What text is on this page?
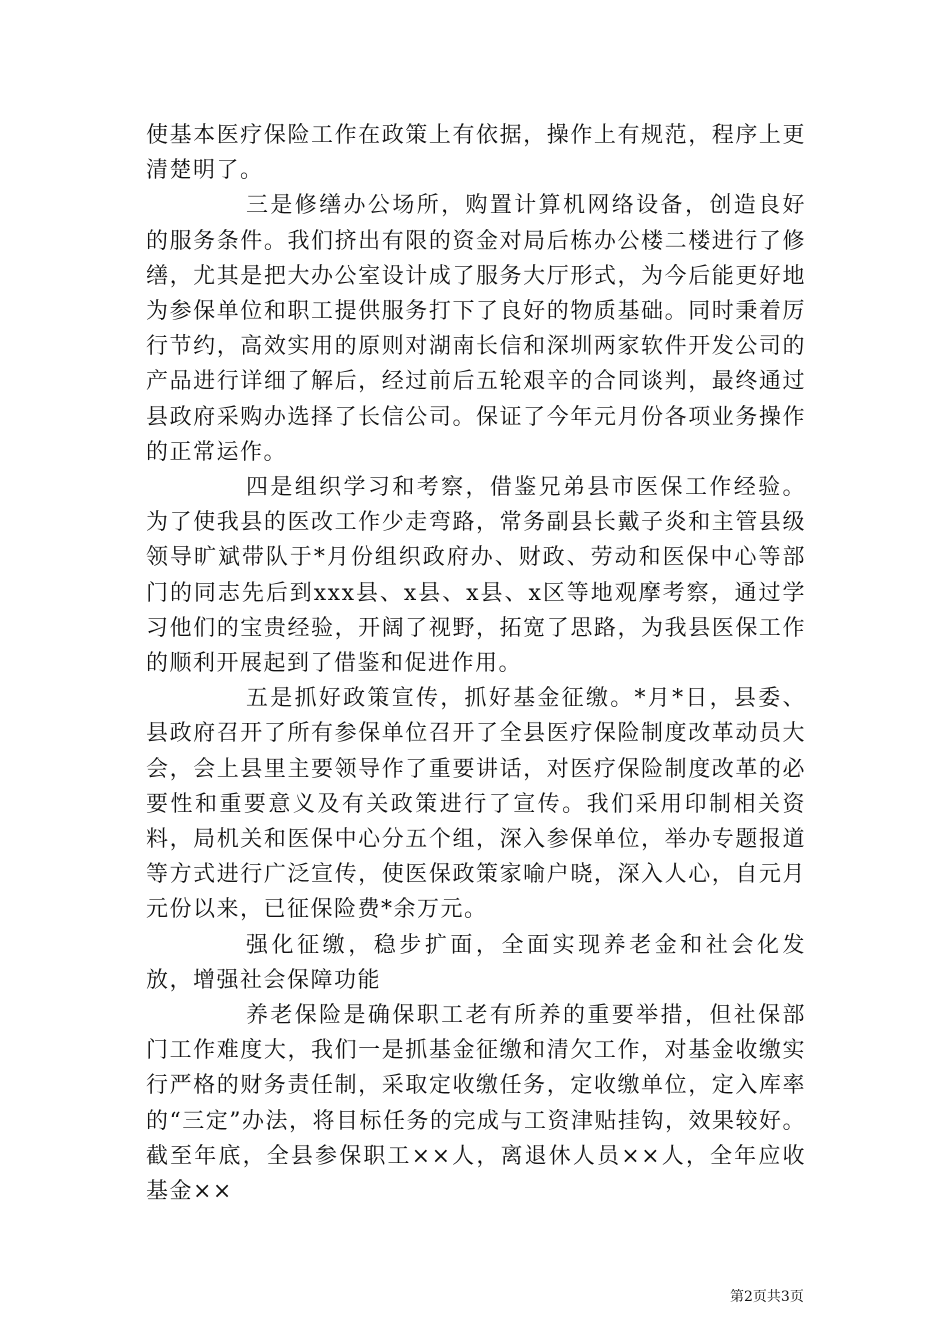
使基本医疗保险工作在政策上有依据，操作上有规范，程序上更清楚明了。

三是修缮办公场所，购置计算机网络设备，创造良好的服务条件。我们挤出有限的资金对局后栋办公楼二楼进行了修缮，尤其是把大办公室设计成了服务大厅形式，为今后能更好地为参保单位和职工提供服务打下了良好的物质基础。同时秉着厉行节约，高效实用的原则对湖南长信和深圳两家软件开发公司的产品进行详细了解后，经过前后五轮艰辛的合同谈判，最终通过县政府采购办选择了长信公司。保证了今年元月份各项业务操作的正常运作。

四是组织学习和考察，借鉴兄弟县市医保工作经验。为了使我县的医改工作少走弯路，常务副县长戴子炎和主管县级领导旷斌带队于*月份组织政府办、财政、劳动和医保中心等部门的同志先后到xxx县、x县、x县、x区等地观摩考察，通过学习他们的宝贵经验，开阔了视野，拓宽了思路，为我县医保工作的顺利开展起到了借鉴和促进作用。

五是抓好政策宣传，抓好基金征缴。*月*日，县委、县政府召开了所有参保单位召开了全县医疗保险制度改革动员大会，会上县里主要领导作了重要讲话，对医疗保险制度改革的必要性和重要意义及有关政策进行了宣传。我们采用印制相关资料，局机关和医保中心分五个组，深入参保单位，举办专题报道等方式进行广泛宣传，使医保政策家喻户晓，深入人心，自元月元份以来，已征保险费*余万元。

强化征缴，稳步扩面，全面实现养老金和社会化发放，增强社会保障功能

养老保险是确保职工老有所养的重要举措，但社保部门工作难度大，我们一是抓基金征缴和清欠工作，对基金收缴实行严格的财务责任制，采取定收缴任务，定收缴单位，定入库率的“三定”办法，将目标任务的完成与工资津贴挂钩，效果较好。截至年底，全县参保职工××人，离退休人员××人，全年应收基金××

第2页共3页
